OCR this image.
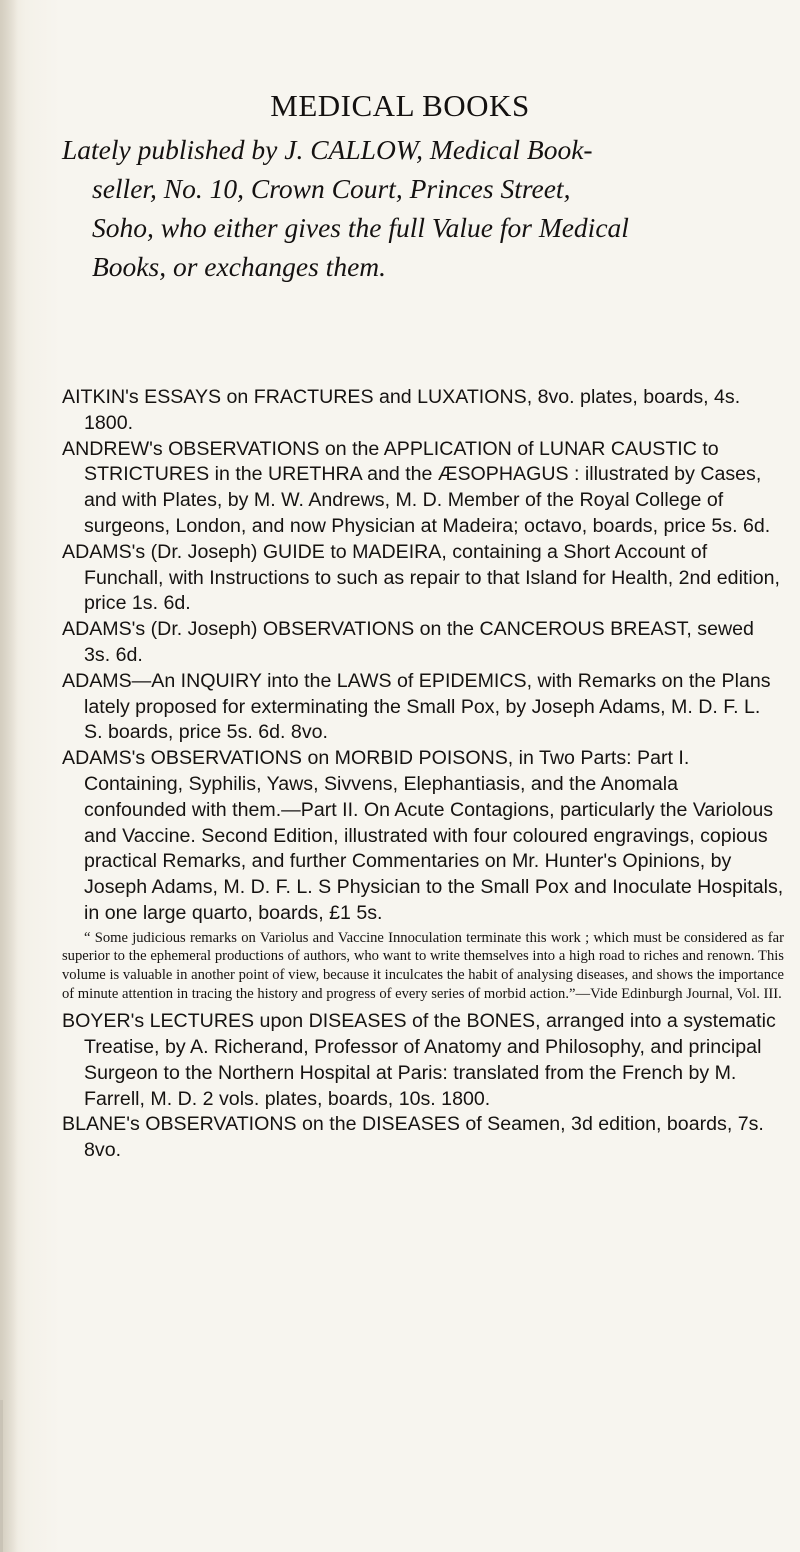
MEDICAL BOOKS
Lately published by J. CALLOW, Medical Book-
seller, No. 10, Crown Court, Princes Street,
Soho, who either gives the full Value for Medical
Books, or exchanges them.
AITKIN's ESSAYS on FRACTURES and LUXATIONS, 8vo. plates, boards, 4s. 1800.
ANDREW's OBSERVATIONS on the APPLICATION of LUNAR CAUSTIC to STRICTURES in the URETHRA and the ÆSOPHAGUS : illustrated by Cases, and with Plates, by M. W. Andrews, M. D. Member of the Royal College of surgeons, London, and now Physician at Madeira; octavo, boards, price 5s. 6d.
ADAMS's (Dr. Joseph) GUIDE to MADEIRA, containing a Short Account of Funchall, with Instructions to such as repair to that Island for Health, 2nd edition, price 1s. 6d.
ADAMS's (Dr. Joseph) OBSERVATIONS on the CANCEROUS BREAST, sewed 3s. 6d.
ADAMS—An INQUIRY into the LAWS of EPIDEMICS, with Remarks on the Plans lately proposed for exterminating the Small Pox, by Joseph Adams, M. D. F. L. S. boards, price 5s. 6d. 8vo.
ADAMS's OBSERVATIONS on MORBID POISONS, in Two Parts: Part I. Containing, Syphilis, Yaws, Sivvens, Elephantiasis, and the Anomala confounded with them.—Part II. On Acute Contagions, particularly the Variolous and Vaccine. Second Edition, illustrated with four coloured engravings, copious practical Remarks, and further Commentaries on Mr. Hunter's Opinions, by Joseph Adams, M. D. F. L. S Physician to the Small Pox and Inoculate Hospitals, in one large quarto, boards, £1 5s.
“ Some judicious remarks on Variolus and Vaccine Innoculation terminate this work ; which must be considered as far superior to the ephemeral productions of authors, who want to write themselves into a high road to riches and renown. This volume is valuable in another point of view, because it inculcates the habit of analysing diseases, and shows the importance of minute attention in tracing the history and progress of every series of morbid action.”—Vide Edinburgh Journal, Vol. III.
BOYER's LECTURES upon DISEASES of the BONES, arranged into a systematic Treatise, by A. Richerand, Professor of Anatomy and Philosophy, and principal Surgeon to the Northern Hospital at Paris: translated from the French by M. Farrell, M. D. 2 vols. plates, boards, 10s. 1800.
BLANE's OBSERVATIONS on the DISEASES of Seamen, 3d edition, boards, 7s. 8vo.
